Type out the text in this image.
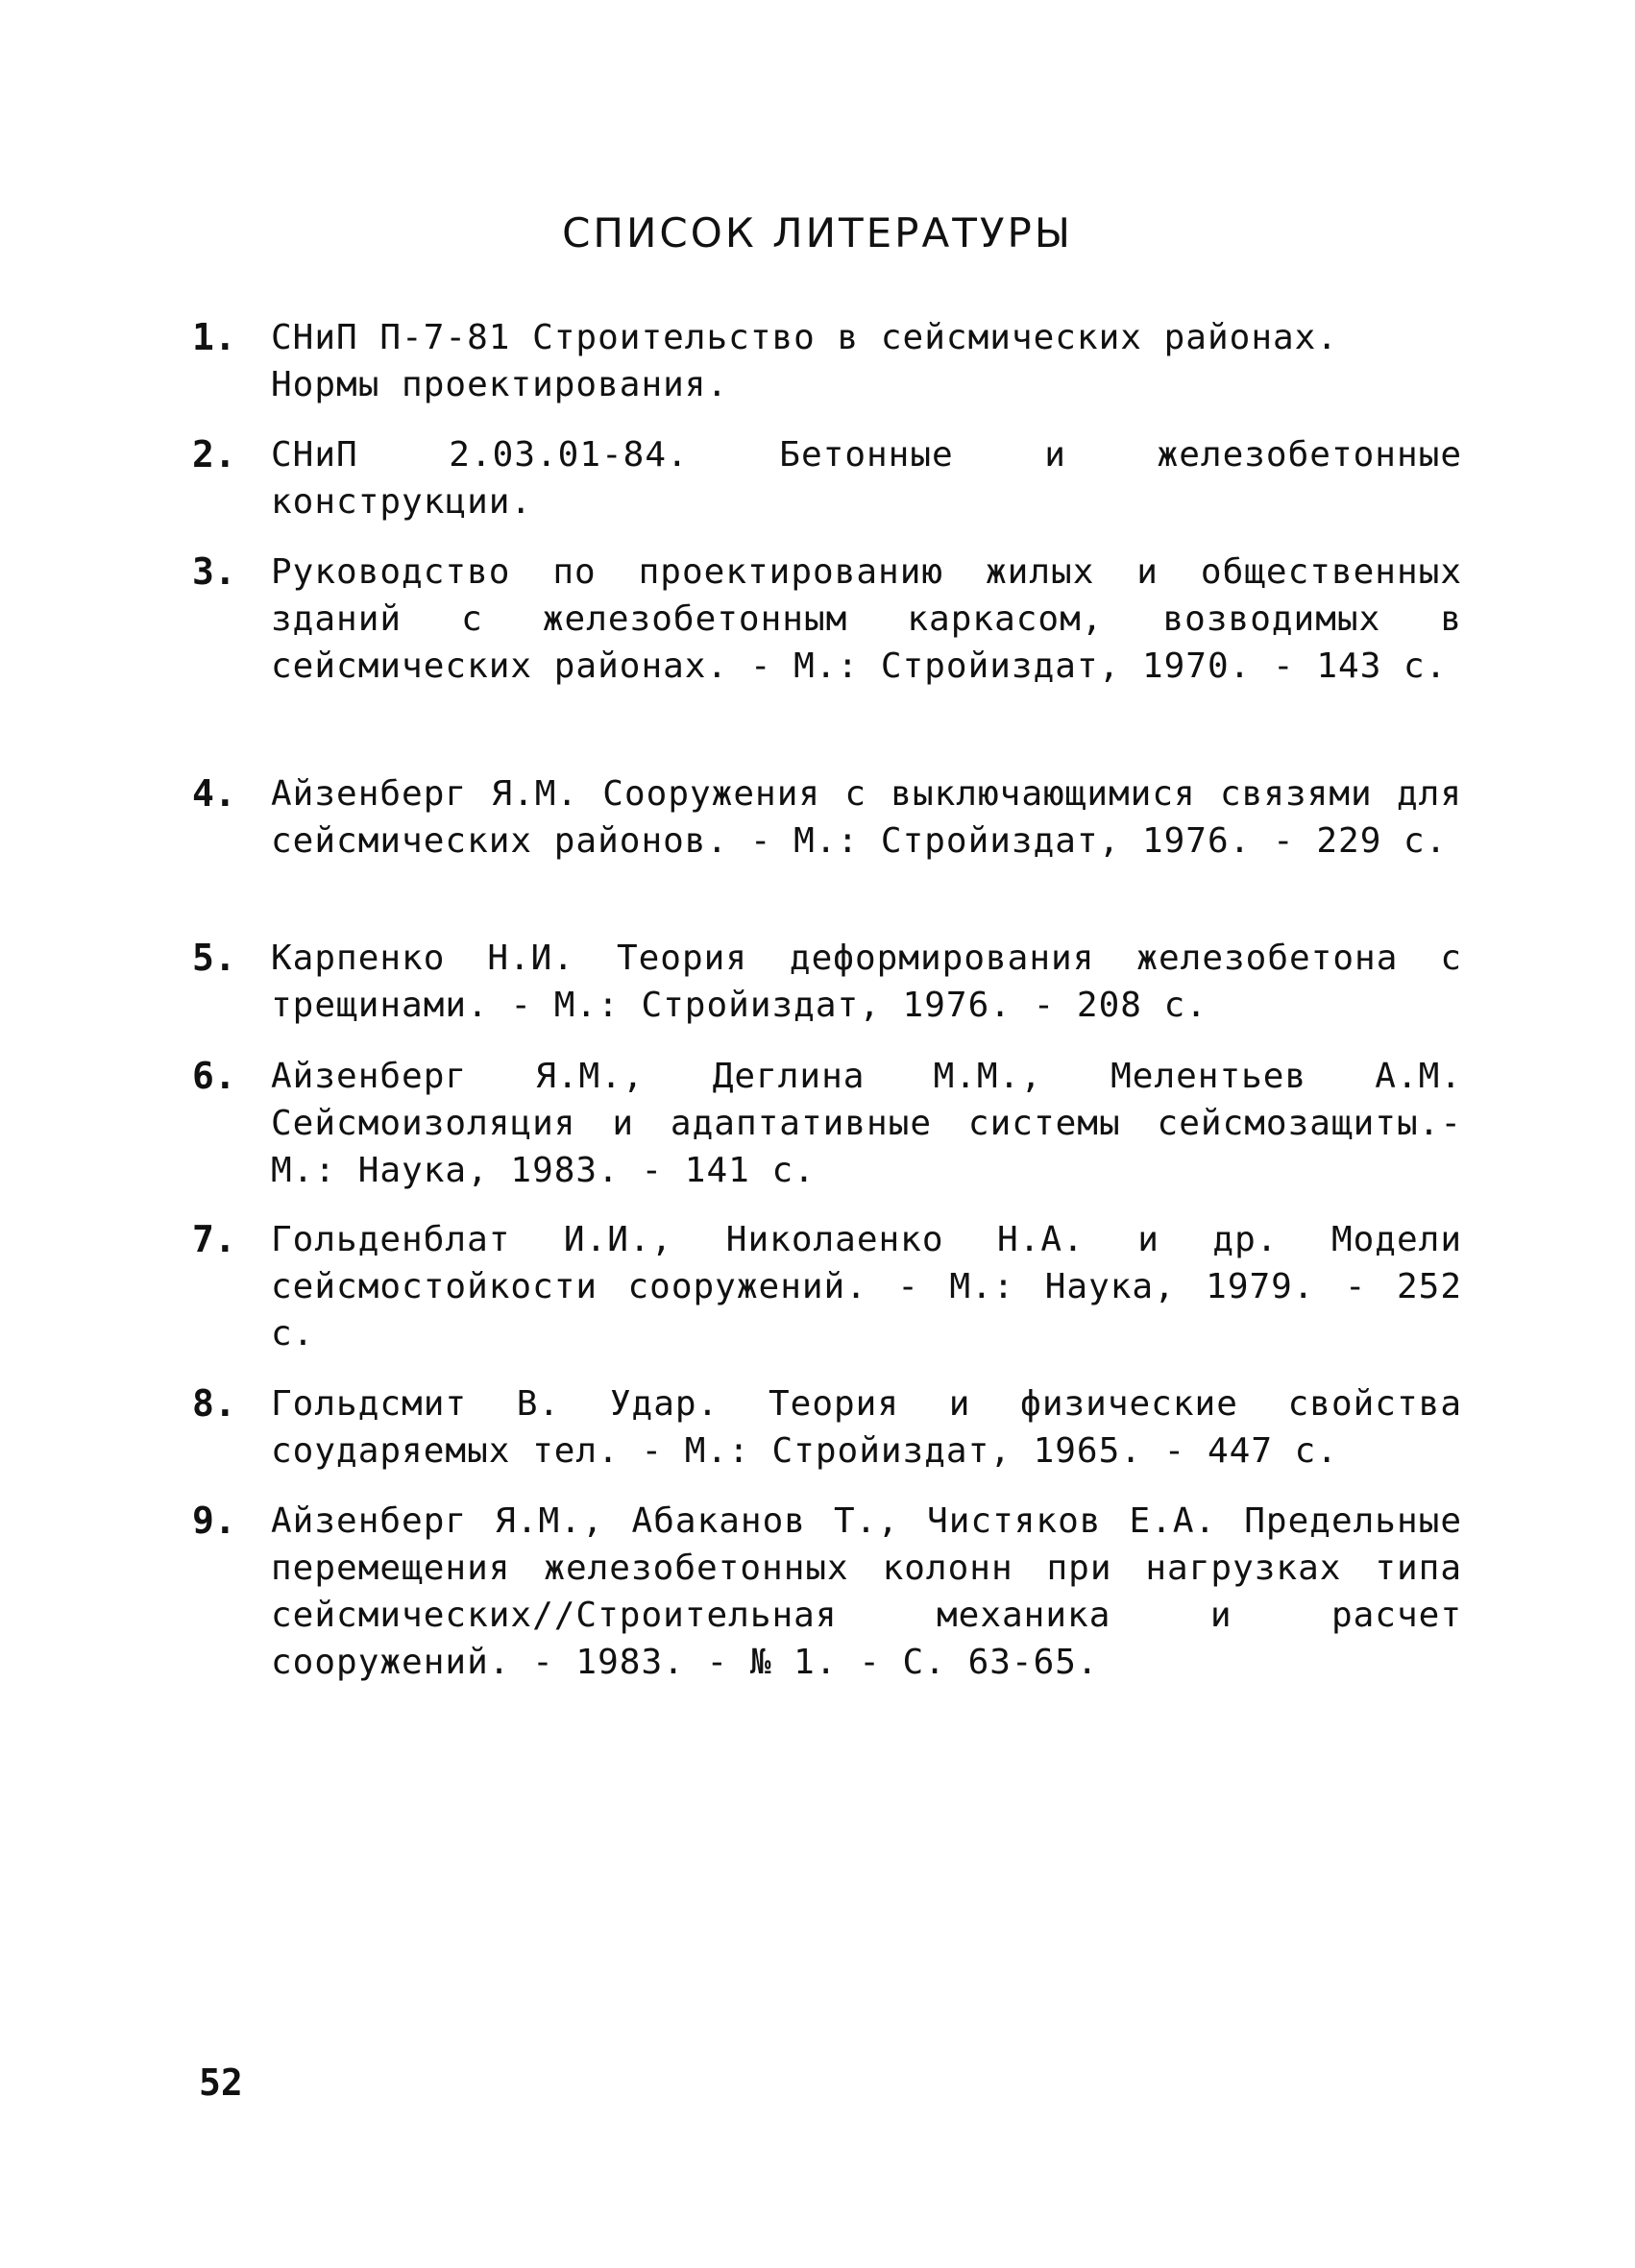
СПИСОК ЛИТЕРАТУРЫ
1. СНиП П-7-81 Строительство в сейсмических районах.
Нормы проектирования.
2. СНиП 2.03.01-84. Бетонные и железобетонные конструкции.
3. Руководство по проектированию жилых и общественных зданий с железобетонным каркасом, возводимых в сейсмических районах. - М.: Стройиздат, 1970. - 143 с.
4. Айзенберг Я.М. Сооружения с выключающимися связями для сейсмических районов. - М.: Стройиздат, 1976. - 229 с.
5. Карпенко Н.И. Теория деформирования железобетона с трещинами. - М.: Стройиздат, 1976. - 208 с.
6. Айзенберг Я.М., Деглина М.М., Мелентьев А.М. Сейсмоизоляция и адаптативные системы сейсмозащиты.- М.: Наука, 1983. - 141 с.
7. Гольденблат И.И., Николаенко Н.А. и др. Модели сейсмостойкости сооружений. - М.: Наука, 1979. - 252 с.
8. Гольдсмит В. Удар. Теория и физические свойства соударяемых тел. - М.: Стройиздат, 1965. - 447 с.
9. Айзенберг Я.М., Абаканов Т., Чистяков Е.А. Предельные перемещения железобетонных колонн при нагрузках типа сейсмических//Строительная механика и расчет сооружений. - 1983. - № 1. - С. 63-65.
52
